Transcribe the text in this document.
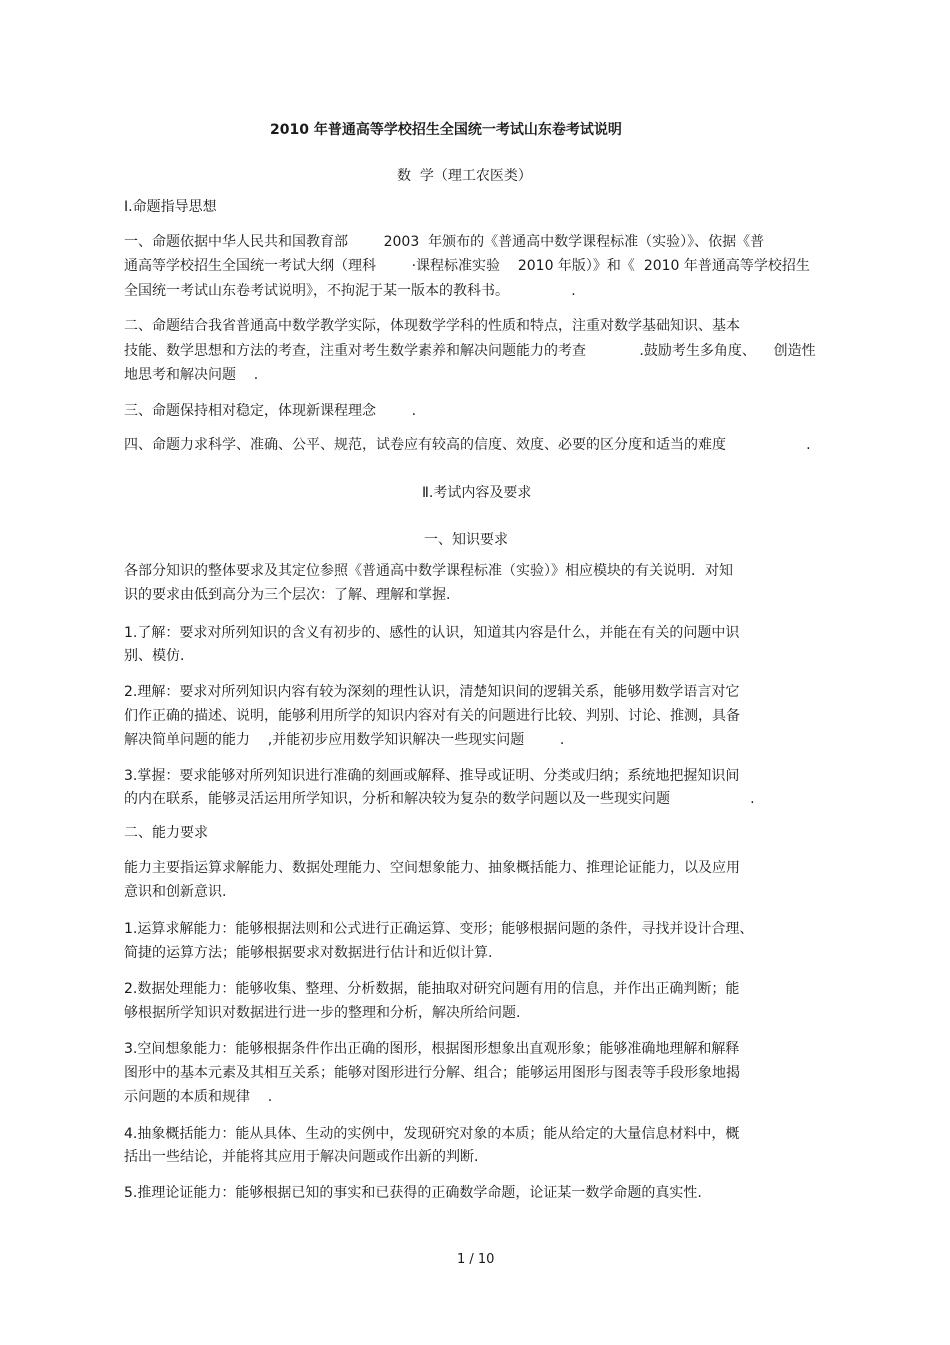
2010 年普通高等学校招生全国统一考试山东卷考试说明
数  学（理工农医类）
Ⅰ.命题指导思想
一、命题依据中华人民共和国教育部        2003  年颁布的《普通高中数学课程标准（实验）》、依据《普
通高等学校招生全国统一考试大纲（理科        ·课程标准实验    2010 年版）》和《  2010 年普通高等学校招生
全国统一考试山东卷考试说明》，不拘泥于某一版本的教科书。              .
二、命题结合我省普通高中数学教学实际，体现数学学科的性质和特点，注重对数学基础知识、基本
技能、数学思想和方法的考查，注重对考生数学素养和解决问题能力的考查            .鼓励考生多角度、    创造性
地思考和解决问题    .
三、命题保持相对稳定，体现新课程理念        .
四、命题力求科学、准确、公平、规范，试卷应有较高的信度、效度、必要的区分度和适当的难度                  .
Ⅱ.考试内容及要求
一、知识要求
各部分知识的整体要求及其定位参照《普通高中数学课程标准（实验）》相应模块的有关说明．对知
识的要求由低到高分为三个层次：了解、理解和掌握.
1.了解：要求对所列知识的含义有初步的、感性的认识，知道其内容是什么，并能在有关的问题中识
别、模仿.
2.理解：要求对所列知识内容有较为深刻的理性认识，清楚知识间的逻辑关系，能够用数学语言对它
们作正确的描述、说明，能够利用所学的知识内容对有关的问题进行比较、判别、讨论、推测，具备
解决简单问题的能力    ,并能初步应用数学知识解决一些现实问题        .
3.掌握：要求能够对所列知识进行准确的刻画或解释、推导或证明、分类或归纳；系统地把握知识间
的内在联系，能够灵活运用所学知识，分析和解决较为复杂的数学问题以及一些现实问题                  .
二、能力要求
能力主要指运算求解能力、数据处理能力、空间想象能力、抽象概括能力、推理论证能力，以及应用
意识和创新意识.
1.运算求解能力：能够根据法则和公式进行正确运算、变形；能够根据问题的条件，寻找并设计合理、
简捷的运算方法；能够根据要求对数据进行估计和近似计算.
2.数据处理能力：能够收集、整理、分析数据，能抽取对研究问题有用的信息，并作出正确判断；能
够根据所学知识对数据进行进一步的整理和分析，解决所给问题.
3.空间想象能力：能够根据条件作出正确的图形，根据图形想象出直观形象；能够准确地理解和解释
图形中的基本元素及其相互关系；能够对图形进行分解、组合；能够运用图形与图表等手段形象地揭
示问题的本质和规律    .
4.抽象概括能力：能从具体、生动的实例中，发现研究对象的本质；能从给定的大量信息材料中，概
括出一些结论，并能将其应用于解决问题或作出新的判断.
5.推理论证能力：能够根据已知的事实和已获得的正确数学命题，论证某一数学命题的真实性.
1 / 10
